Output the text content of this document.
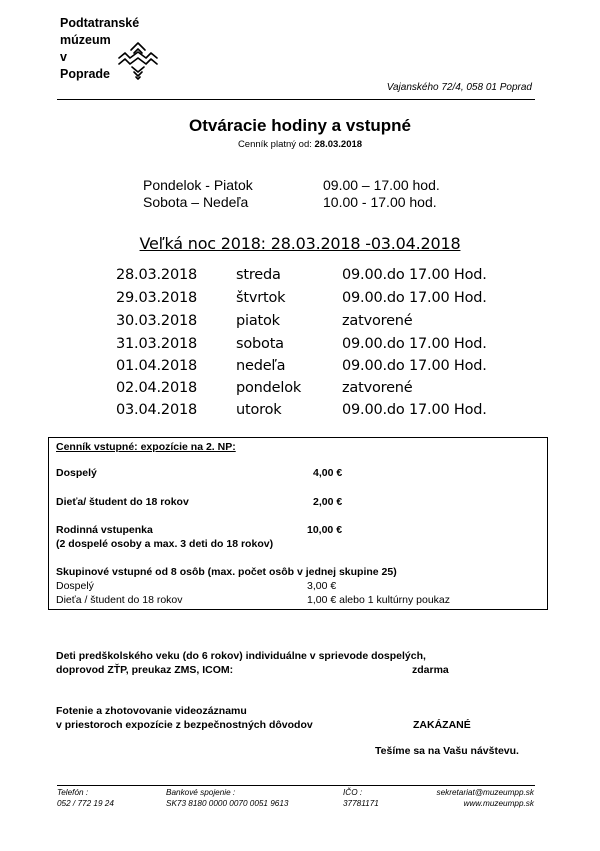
Podtatranské
múzeum
v
Poprade
Vajanského 72/4, 058 01 Poprad
Otváracie hodiny a vstupné
Cenník platný od: 28.03.2018
Pondelok - Piatok	09.00 – 17.00 hod.
Sobota – Nedeľa	10.00 - 17.00 hod.
Veľká noc 2018: 28.03.2018 -03.04.2018
28.03.2018	streda	09.00.do 17.00 Hod.
29.03.2018	štvrtok	09.00.do 17.00 Hod.
30.03.2018	piatok	zatvorené
31.03.2018	sobota	09.00.do 17.00 Hod.
01.04.2018	nedeľa	09.00.do 17.00 Hod.
02.04.2018	pondelok	zatvorené
03.04.2018	utorok	09.00.do 17.00 Hod.
Cenník vstupné: expozície na 2. NP:
Dospelý	4,00 €
Dieťa/ študent do 18 rokov	2,00 €
Rodinná vstupenka	10,00 €
(2 dospelé osoby a max. 3 deti do 18 rokov)
Skupinové vstupné od 8 osôb (max. počet osôb v jednej skupine 25)
Dospelý	3,00 €
Dieťa / študent do 18 rokov	1,00 € alebo 1 kultúrny poukaz
Deti predškolského veku (do 6 rokov) individuálne v sprievode dospelých,
doprovod ZŤP, preukaz ZMS, ICOM:	zdarma
Fotenie a zhotovovanie videozáznamu
v priestoroch expozície z bezpečnostných dôvodov	ZAKÁZANÉ
Tešíme sa na Vašu návštevu.
Telefón :
052 / 772 19 24
Bankové spojenie :
SK73 8180 0000 0070 0051 9613
IČO :
37781171
sekretariat@muzeumpp.sk
www.muzeumpp.sk
